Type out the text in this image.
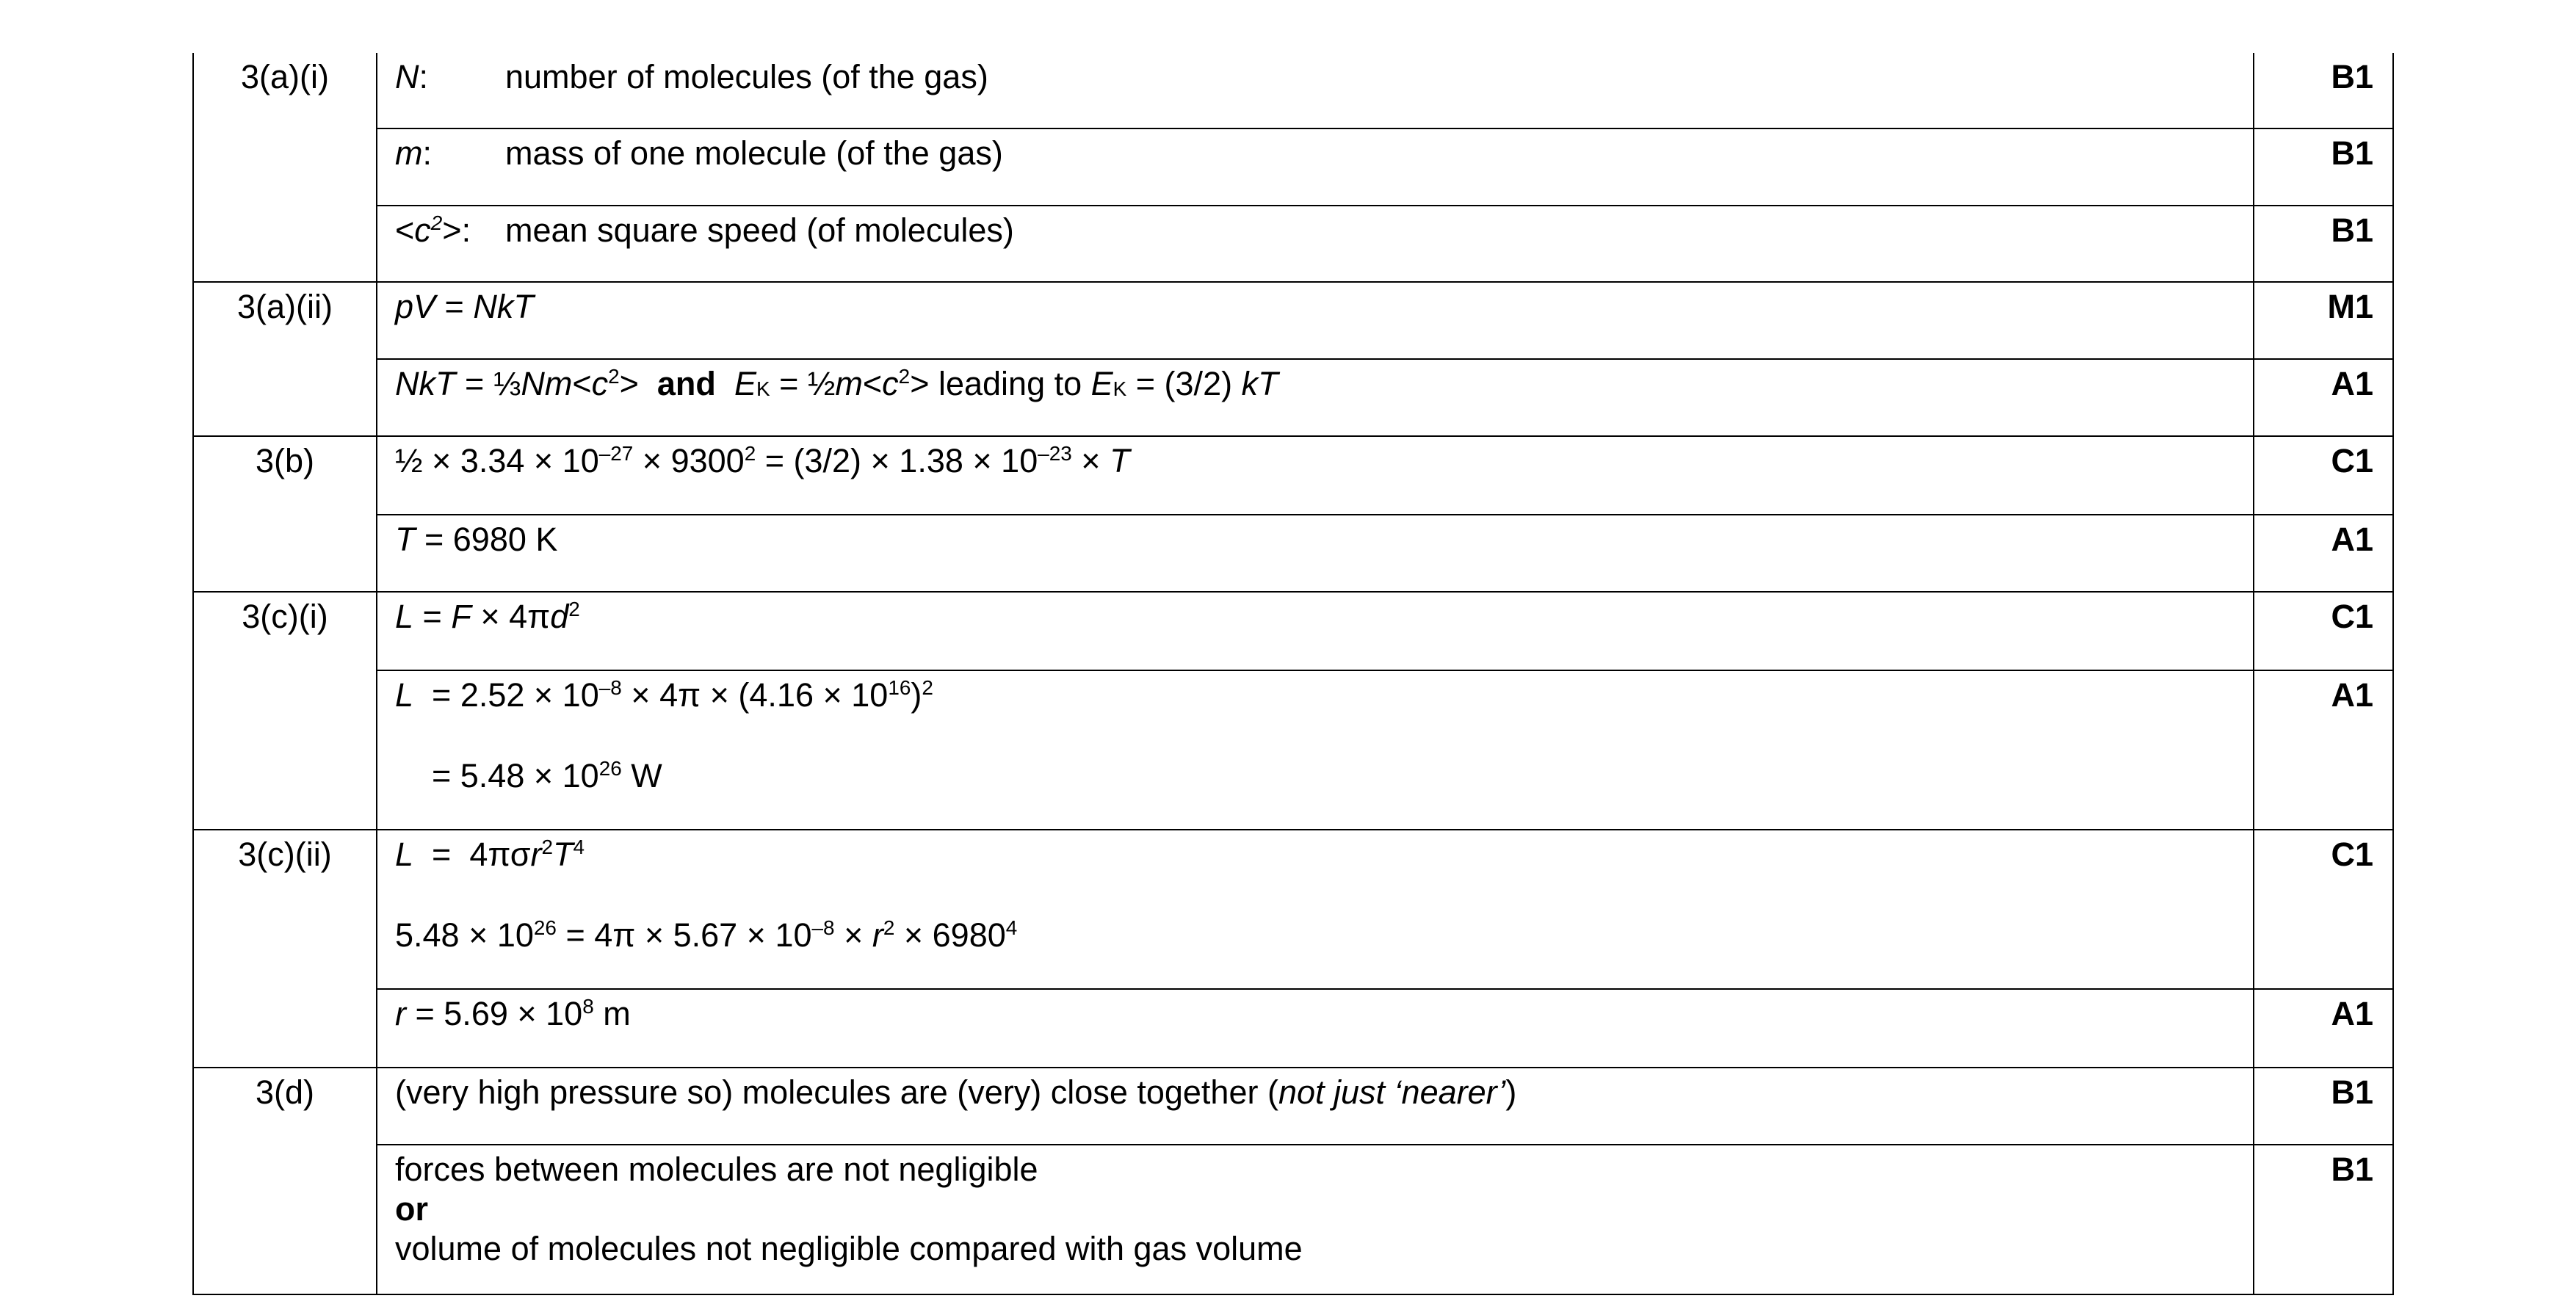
3(a)(i)	N: number of molecules (of the gas)	B1
	m: mass of one molecule (of the gas)	B1
	$<c^2>$: mean square speed (of molecules)	B1
3(a)(ii)	pV = NkT	M1
	NkT = $\frac{1}{3}Nm<c^2>$  and $E_K$ = $\frac{1}{2}m<c^2>$ leading to $E_K = (3/2)$ kT	A1
3(b)	½ × $3.34 \times 10^{-27} \times 9300^2 = (3/2) \times 1.38 \times 10^{-23} \times T$	C1
	T = 6980 K	A1
3(c)(i)	$L = F \times 4\pi d^2$	C1

	$L = 2.52 \times 10^{-8} \times 4\pi \times (4.16 \times 10^{16})^2$
= $5.48 \times 10^{26}$ W	A1
3(c)(ii)	$L = 4\pi\sigma r^2T^4$
$5.48 \times 10^{26} = 4\pi \times 5.67 \times 10^{-8} \times r^2 \times 6980^4$	C1
	$r = 5.69 \times 10^8$ m	A1
3(d)	(very high pressure so) molecules are (very) close together (not just ‘nearer’)	B1

	forces between molecules are not negligible
or
volume of molecules not negligible compared with gas volume	B1
